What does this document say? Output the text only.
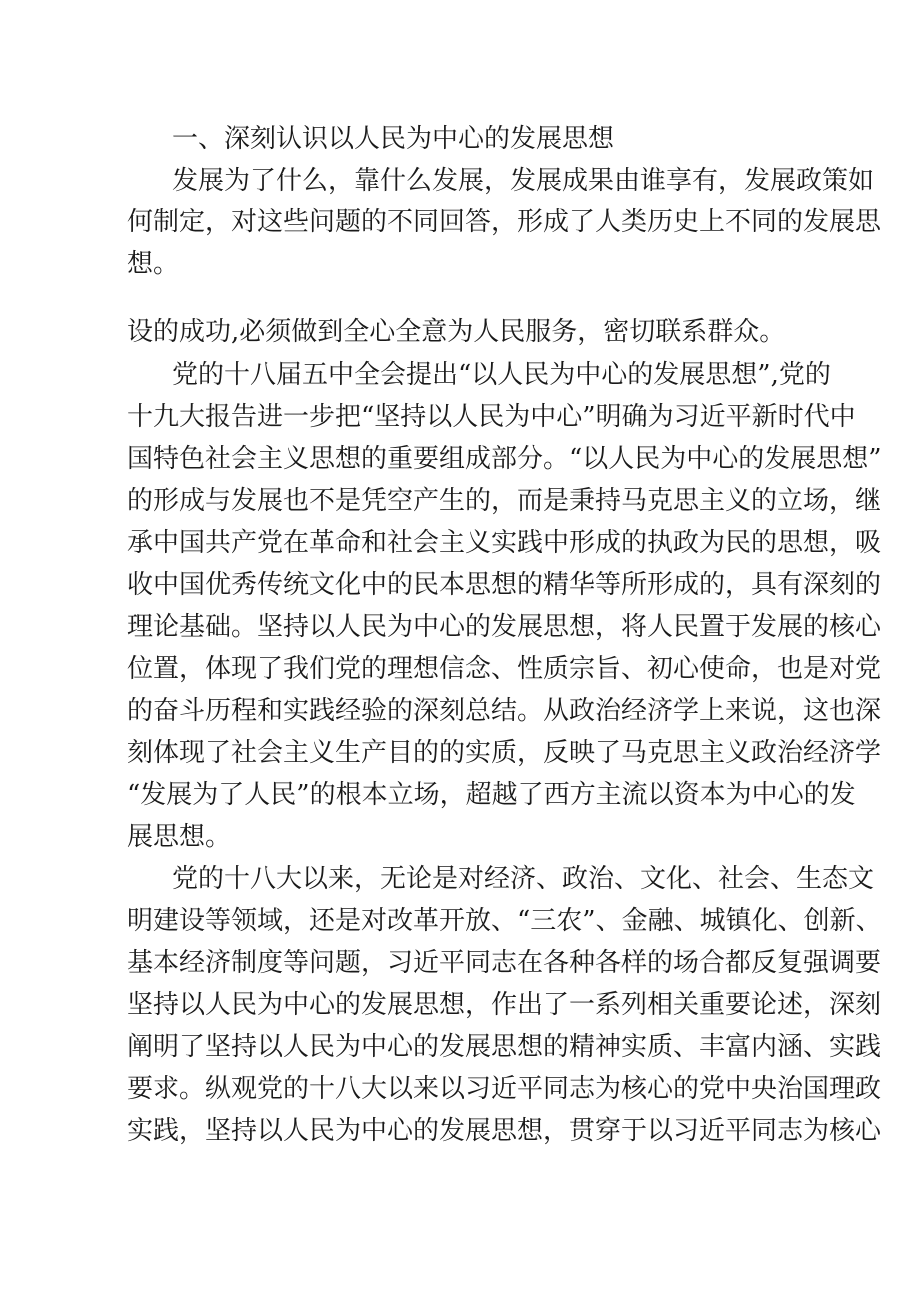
一、深刻认识以人民为中心的发展思想
发展为了什么，靠什么发展，发展成果由谁享有，发展政策如
何制定，对这些问题的不同回答，形成了人类历史上不同的发展思
想。
设的成功,必须做到全心全意为人民服务，密切联系群众。
党的十八届五中全会提出“以人民为中心的发展思想”,党的
十九大报告进一步把“坚持以人民为中心”明确为习近平新时代中
国特色社会主义思想的重要组成部分。“以人民为中心的发展思想”
的形成与发展也不是凭空产生的，而是秉持马克思主义的立场，继
承中国共产党在革命和社会主义实践中形成的执政为民的思想，吸
收中国优秀传统文化中的民本思想的精华等所形成的，具有深刻的
理论基础。坚持以人民为中心的发展思想，将人民置于发展的核心
位置，体现了我们党的理想信念、性质宗旨、初心使命，也是对党
的奋斗历程和实践经验的深刻总结。从政治经济学上来说，这也深
刻体现了社会主义生产目的的实质，反映了马克思主义政治经济学
“发展为了人民”的根本立场，超越了西方主流以资本为中心的发
展思想。
党的十八大以来，无论是对经济、政治、文化、社会、生态文
明建设等领域，还是对改革开放、“三农”、金融、城镇化、创新、
基本经济制度等问题，习近平同志在各种各样的场合都反复强调要
坚持以人民为中心的发展思想，作出了一系列相关重要论述，深刻
阐明了坚持以人民为中心的发展思想的精神实质、丰富内涵、实践
要求。纵观党的十八大以来以习近平同志为核心的党中央治国理政
实践，坚持以人民为中心的发展思想，贯穿于以习近平同志为核心
